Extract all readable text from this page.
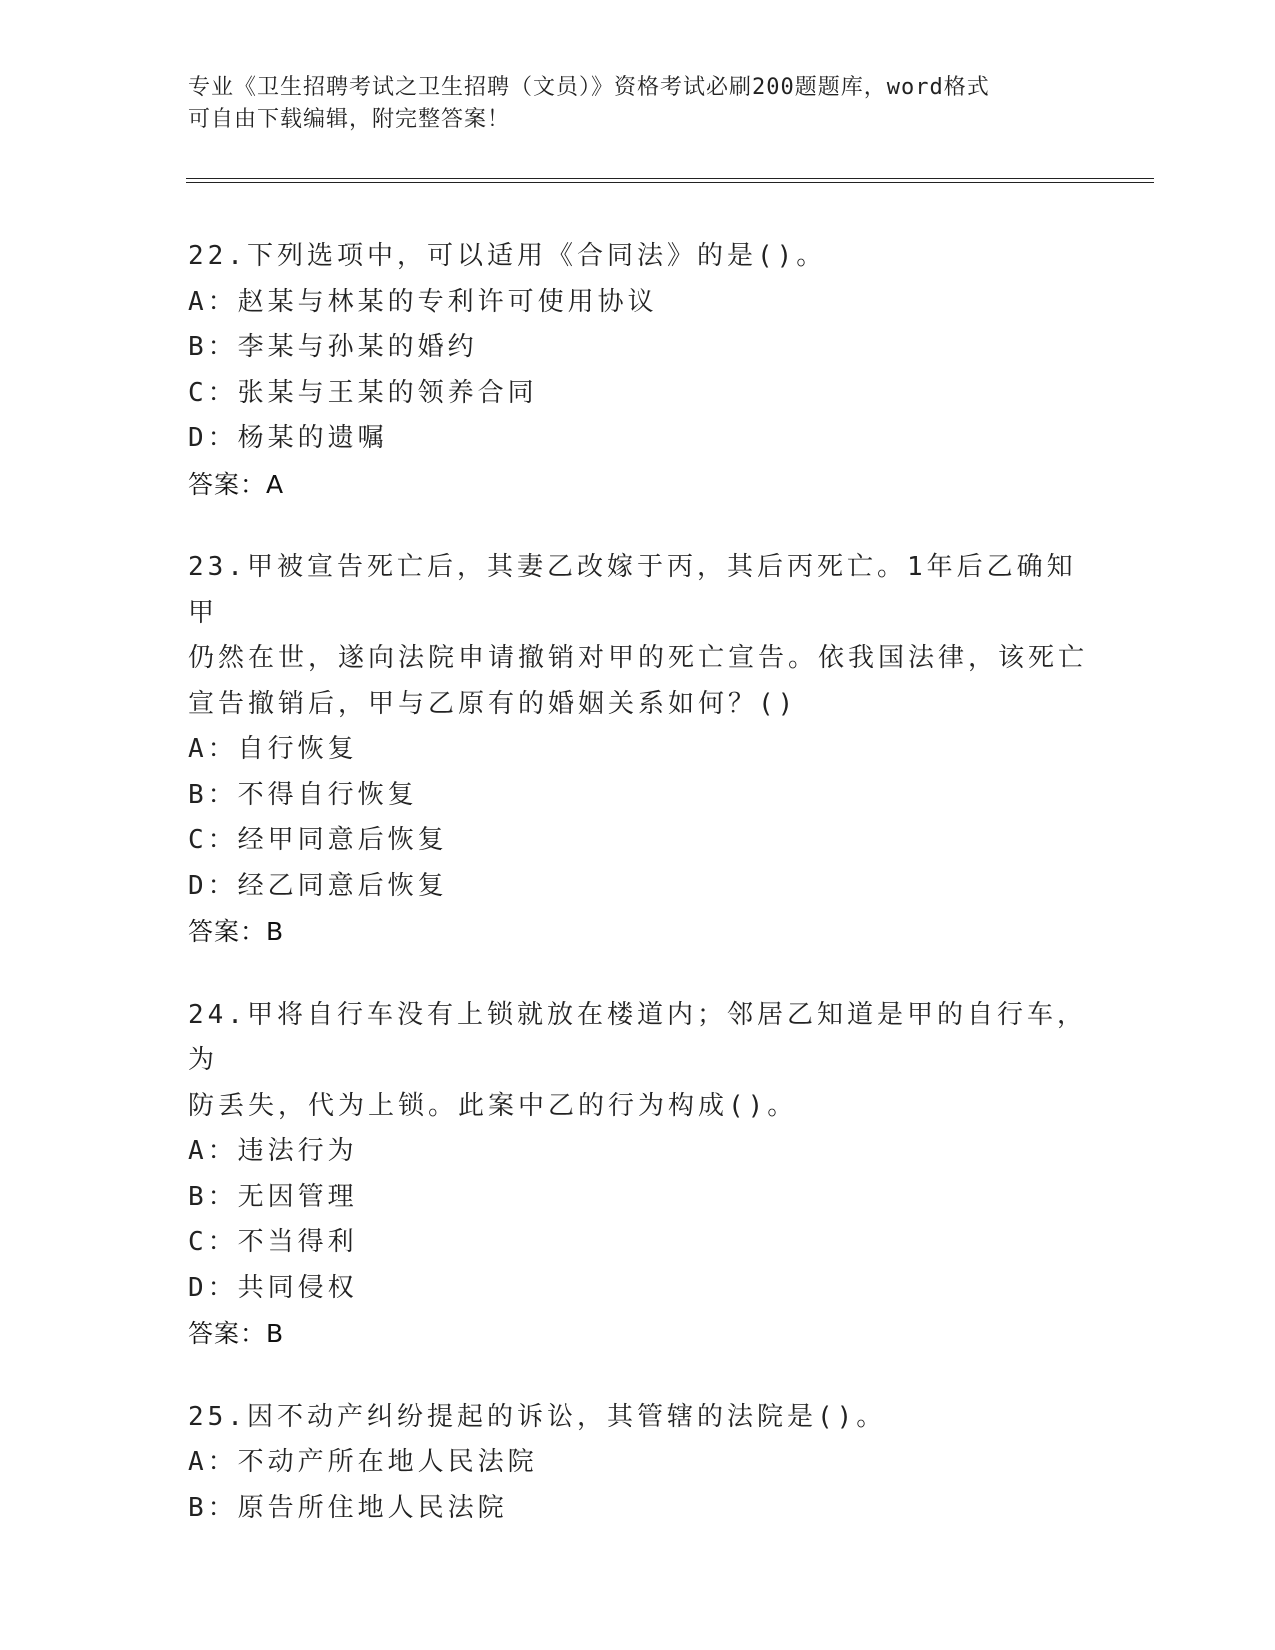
专业《卫生招聘考试之卫生招聘（文员）》资格考试必刷200题题库，word格式
可自由下载编辑，附完整答案！
22.下列选项中，可以适用《合同法》的是()。
A：赵某与林某的专利许可使用协议
B：李某与孙某的婚约
C：张某与王某的领养合同
D：杨某的遗嘱
答案：A
23.甲被宣告死亡后，其妻乙改嫁于丙，其后丙死亡。1年后乙确知甲
仍然在世，遂向法院申请撤销对甲的死亡宣告。依我国法律，该死亡
宣告撤销后，甲与乙原有的婚姻关系如何？()
A：自行恢复
B：不得自行恢复
C：经甲同意后恢复
D：经乙同意后恢复
答案：B
24.甲将自行车没有上锁就放在楼道内；邻居乙知道是甲的自行车，为
防丢失，代为上锁。此案中乙的行为构成()。
A：违法行为
B：无因管理
C：不当得利
D：共同侵权
答案：B
25.因不动产纠纷提起的诉讼，其管辖的法院是()。
A：不动产所在地人民法院
B：原告所住地人民法院
